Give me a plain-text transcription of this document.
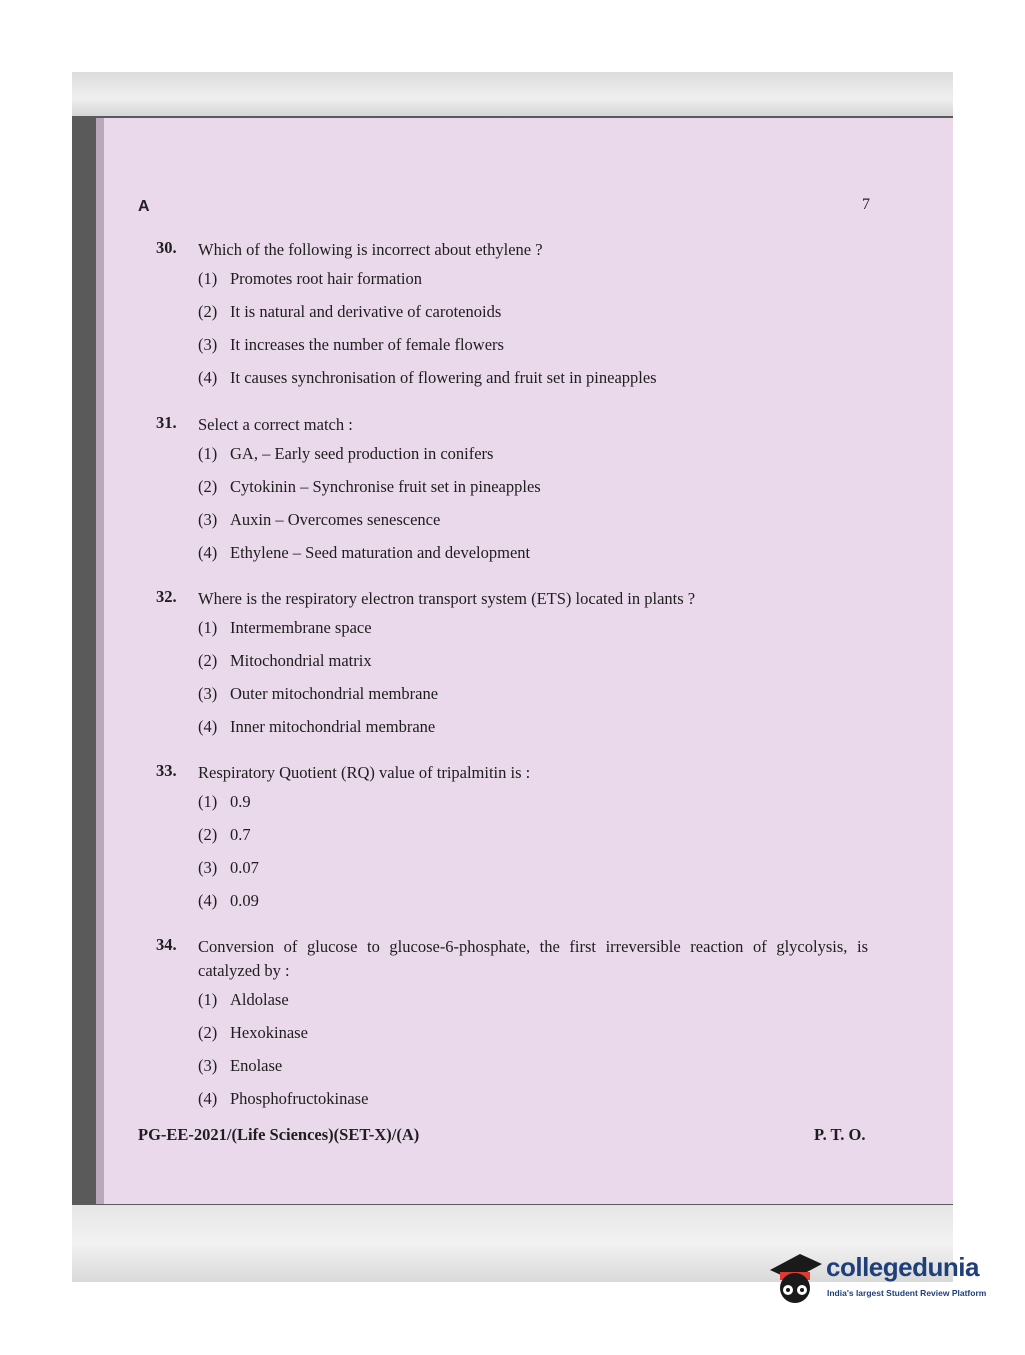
A	7
30.	Which of the following is incorrect about ethylene ?
(1) Promotes root hair formation
(2) It is natural and derivative of carotenoids
(3) It increases the number of female flowers
(4) It causes synchronisation of flowering and fruit set in pineapples
31.	Select a correct match :
(1) GA, – Early seed production in conifers
(2) Cytokinin – Synchronise fruit set in pineapples
(3) Auxin – Overcomes senescence
(4) Ethylene – Seed maturation and development
32.	Where is the respiratory electron transport system (ETS) located in plants ?
(1) Intermembrane space
(2) Mitochondrial matrix
(3) Outer mitochondrial membrane
(4) Inner mitochondrial membrane
33.	Respiratory Quotient (RQ) value of tripalmitin is :
(1) 0.9
(2) 0.7
(3) 0.07
(4) 0.09
34.	Conversion of glucose to glucose-6-phosphate, the first irreversible reaction of glycolysis, is catalyzed by :
(1) Aldolase
(2) Hexokinase
(3) Enolase
(4) Phosphofructokinase
PG-EE-2021/(Life Sciences)(SET-X)/(A)	P. T. O.
collegedunia
India's largest Student Review Platform
